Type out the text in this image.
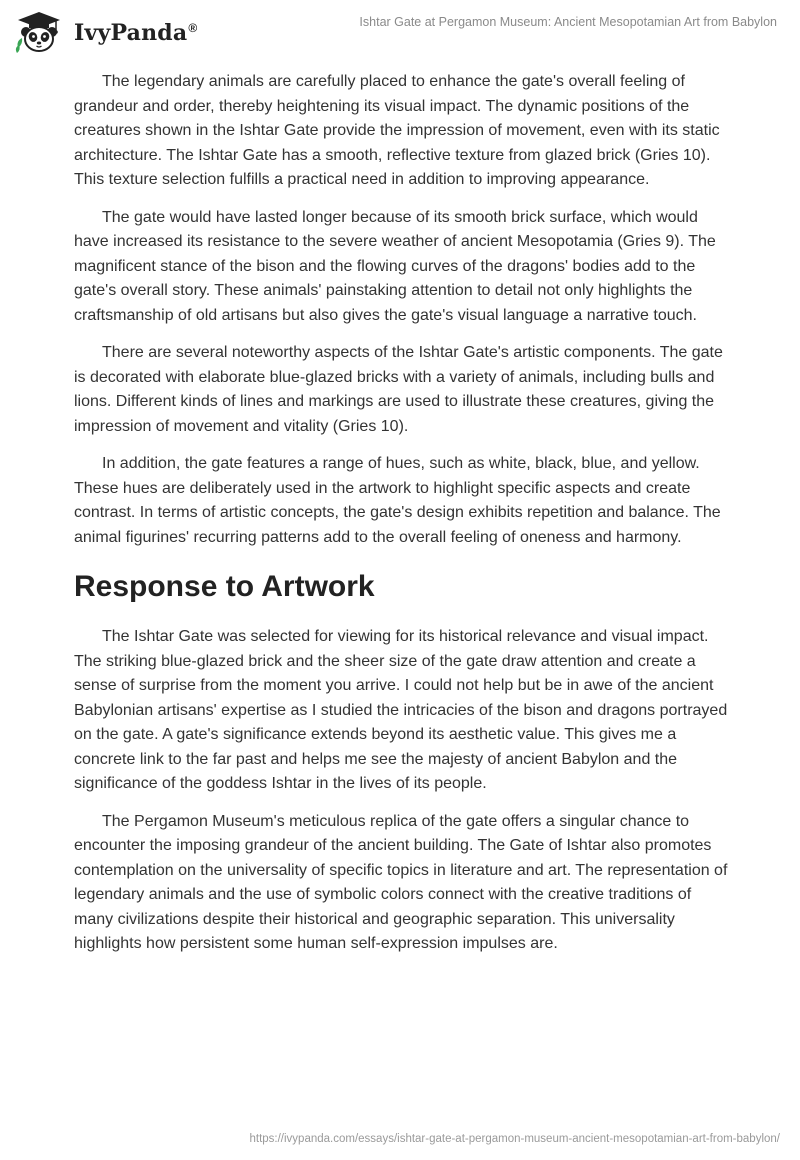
IvyPanda®	Ishtar Gate at Pergamon Museum: Ancient Mesopotamian Art from Babylon

The legendary animals are carefully placed to enhance the gate's overall feeling of grandeur and order, thereby heightening its visual impact. The dynamic positions of the creatures shown in the Ishtar Gate provide the impression of movement, even with its static architecture. The Ishtar Gate has a smooth, reflective texture from glazed brick (Gries 10). This texture selection fulfills a practical need in addition to improving appearance.

The gate would have lasted longer because of its smooth brick surface, which would have increased its resistance to the severe weather of ancient Mesopotamia (Gries 9). The magnificent stance of the bison and the flowing curves of the dragons' bodies add to the gate's overall story. These animals' painstaking attention to detail not only highlights the craftsmanship of old artisans but also gives the gate's visual language a narrative touch.

There are several noteworthy aspects of the Ishtar Gate's artistic components. The gate is decorated with elaborate blue-glazed bricks with a variety of animals, including bulls and lions. Different kinds of lines and markings are used to illustrate these creatures, giving the impression of movement and vitality (Gries 10).

In addition, the gate features a range of hues, such as white, black, blue, and yellow. These hues are deliberately used in the artwork to highlight specific aspects and create contrast. In terms of artistic concepts, the gate's design exhibits repetition and balance. The animal figurines' recurring patterns add to the overall feeling of oneness and harmony.

Response to Artwork

The Ishtar Gate was selected for viewing for its historical relevance and visual impact. The striking blue-glazed brick and the sheer size of the gate draw attention and create a sense of surprise from the moment you arrive. I could not help but be in awe of the ancient Babylonian artisans' expertise as I studied the intricacies of the bison and dragons portrayed on the gate. A gate's significance extends beyond its aesthetic value. This gives me a concrete link to the far past and helps me see the majesty of ancient Babylon and the significance of the goddess Ishtar in the lives of its people.

The Pergamon Museum's meticulous replica of the gate offers a singular chance to encounter the imposing grandeur of the ancient building. The Gate of Ishtar also promotes contemplation on the universality of specific topics in literature and art. The representation of legendary animals and the use of symbolic colors connect with the creative traditions of many civilizations despite their historical and geographic separation. This universality highlights how persistent some human self-expression impulses are.

https://ivypanda.com/essays/ishtar-gate-at-pergamon-museum-ancient-mesopotamian-art-from-babylon/
